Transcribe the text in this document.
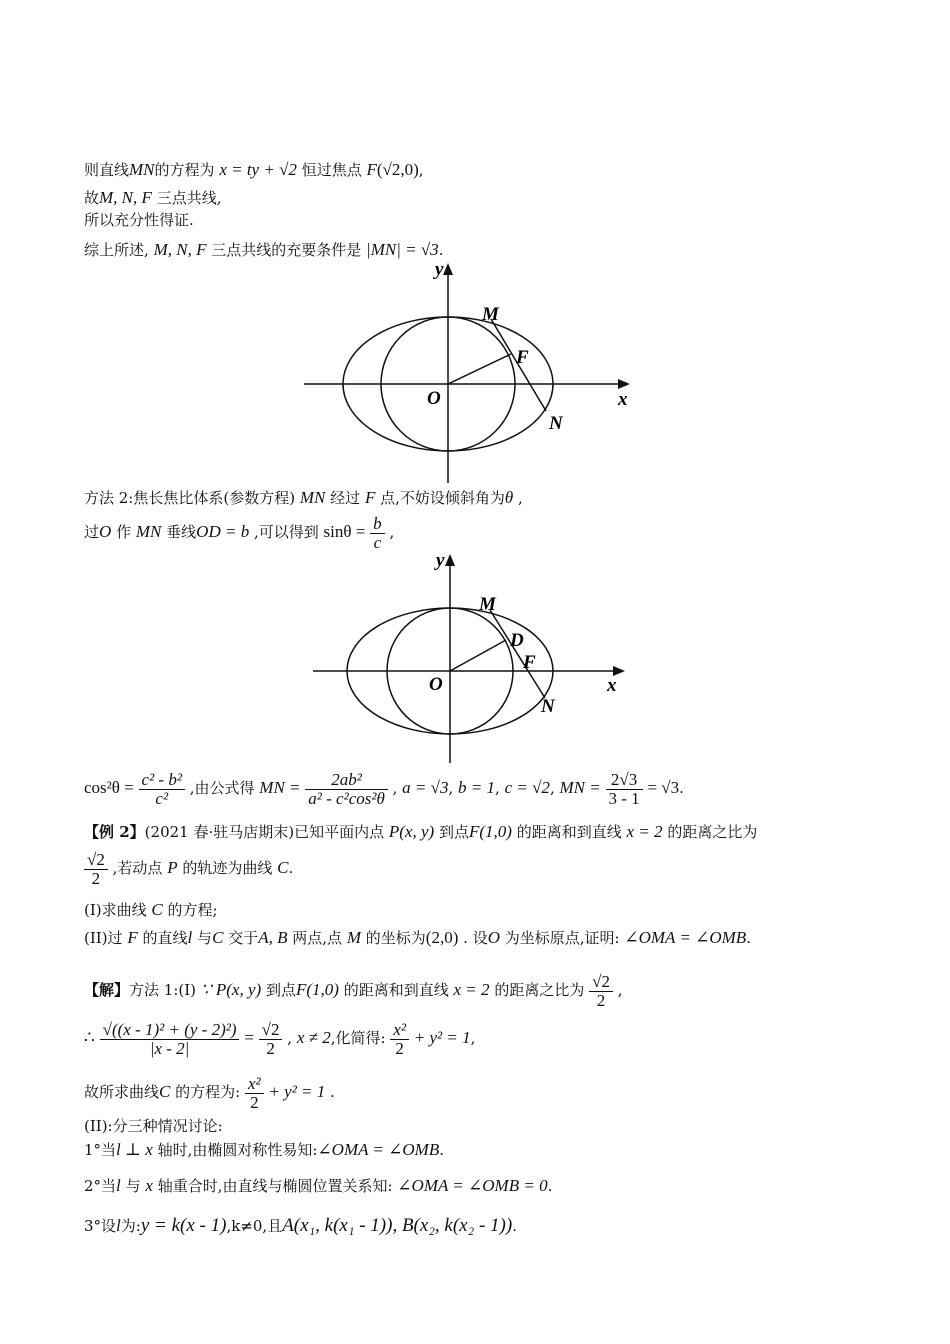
则直线MN的方程为 x = ty + √2 恒过焦点 F(√2,0),
故M, N, F 三点共线,
所以充分性得证.
综上所述, M, N, F 三点共线的充要条件是 |MN| = √3.
y
x
O
M
F
N
方法 2:焦长焦比体系(参数方程) MN 经过 F 点,不妨设倾斜角为θ ,
过O 作 MN 垂线OD = b ,可以得到 $\sin\theta = \frac{b}{c}$ ,
y
x
O
M
D
F
N
$\cos^2\theta = \frac{\text{c² - b²}}{\text{c²}}$ ,由公式得 MN = $\frac{\text{2ab²}}{\text{a² - c²cos²θ}}$ , a = √3, b = 1, c = √2, MN = $\frac{2√3}{3 - 1} = √3$.
【例 2】(2021 春·驻马店期末)已知平面内点 P(x, y) 到点F(1,0) 的距离和到直线 x = 2 的距离之比为
$\frac{√2}{2}$ ,若动点 P 的轨迹为曲线 C.
(I)求曲线 C 的方程;
(II)过 F 的直线l 与C 交于A, B 两点,点 M 的坐标为(2,0) . 设O 为坐标原点,证明: ∠OMA = ∠OMB.
【解】方法 1:(I) ∵ P(x, y) 到点F(1,0) 的距离和到直线 x = 2 的距离之比为 $\frac{√2}{2}$ ,
∴ $\frac{\text{√((x - 1)² + (y - 2)²)}}{|x - 2|} = \frac{√2}{2}$ , x ≠ 2,化简得: $\frac{\text{x²}}{2} + y^2 = 1$,
故所求曲线C 的方程为: $\frac{\text{x²}}{2} + y^2 = 1$ .
(II):分三种情况讨论:
1°当l ⊥ x 轴时,由椭圆对称性易知:∠OMA = ∠OMB.
2°当l 与 x 轴重合时,由直线与椭圆位置关系知: ∠OMA = ∠OMB = 0.
3°设l为:y = k(x - 1),k≠0,且A(x₁, k(x₁ - 1)), B(x₂, k(x₂ - 1)).
